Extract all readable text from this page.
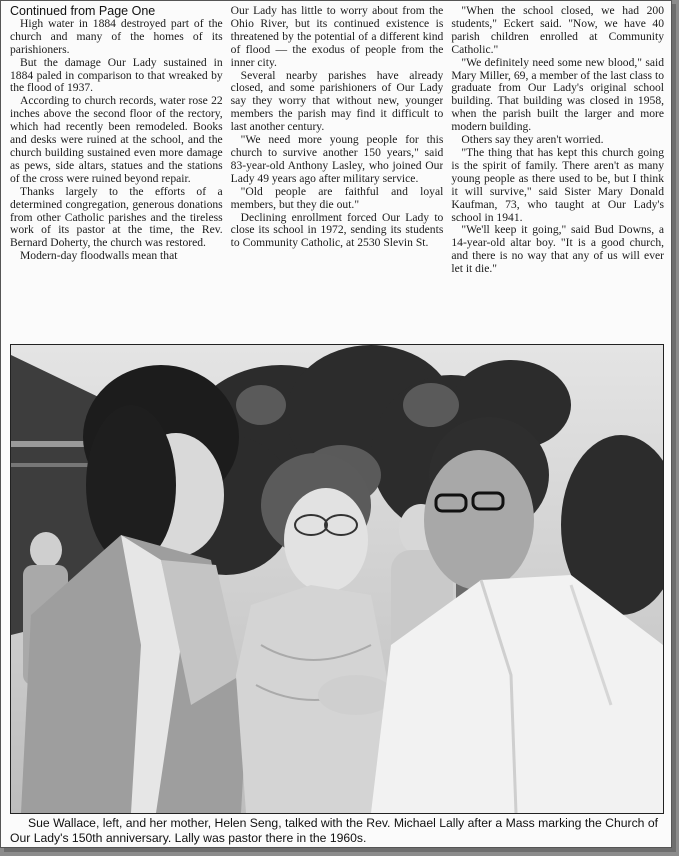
Continued from Page One

High water in 1884 destroyed part of the church and many of the homes of its parishioners.

But the damage Our Lady sustained in 1884 paled in comparison to that wreaked by the flood of 1937.

According to church records, water rose 22 inches above the second floor of the rectory, which had recently been remodeled. Books and desks were ruined at the school, and the church building sustained even more damage as pews, side altars, statues and the stations of the cross were ruined beyond repair.

Thanks largely to the efforts of a determined congregation, generous donations from other Catholic parishes and the tireless work of its pastor at the time, the Rev. Bernard Doherty, the church was restored.

Modern-day floodwalls mean that

Our Lady has little to worry about from the Ohio River, but its continued existence is threatened by the potential of a different kind of flood — the exodus of people from the inner city.

Several nearby parishes have already closed, and some parishioners of Our Lady say they worry that without new, younger members the parish may find it difficult to last another century.

"We need more young people for this church to survive another 150 years," said 83-year-old Anthony Lasley, who joined Our Lady 49 years ago after military service.

"Old people are faithful and loyal members, but they die out."

Declining enrollment forced Our Lady to close its school in 1972, sending its students to Community Catholic, at 2530 Slevin St.

"When the school closed, we had 200 students," Eckert said. "Now, we have 40 parish children enrolled at Community Catholic."

"We definitely need some new blood," said Mary Miller, 69, a member of the last class to graduate from Our Lady's original school building. That building was closed in 1958, when the parish built the larger and more modern building.

Others say they aren't worried.

"The thing that has kept this church going is the spirit of family. There aren't as many young people as there used to be, but I think it will survive," said Sister Mary Donald Kaufman, 73, who taught at Our Lady's school in 1941.

"We'll keep it going," said Bud Downs, a 14-year-old altar boy. "It is a good church, and there is no way that any of us will ever let it die."

Sue Wallace, left, and her mother, Helen Seng, talked with the Rev. Michael Lally after a Mass marking the Church of Our Lady's 150th anniversary. Lally was pastor there in the 1960s.
